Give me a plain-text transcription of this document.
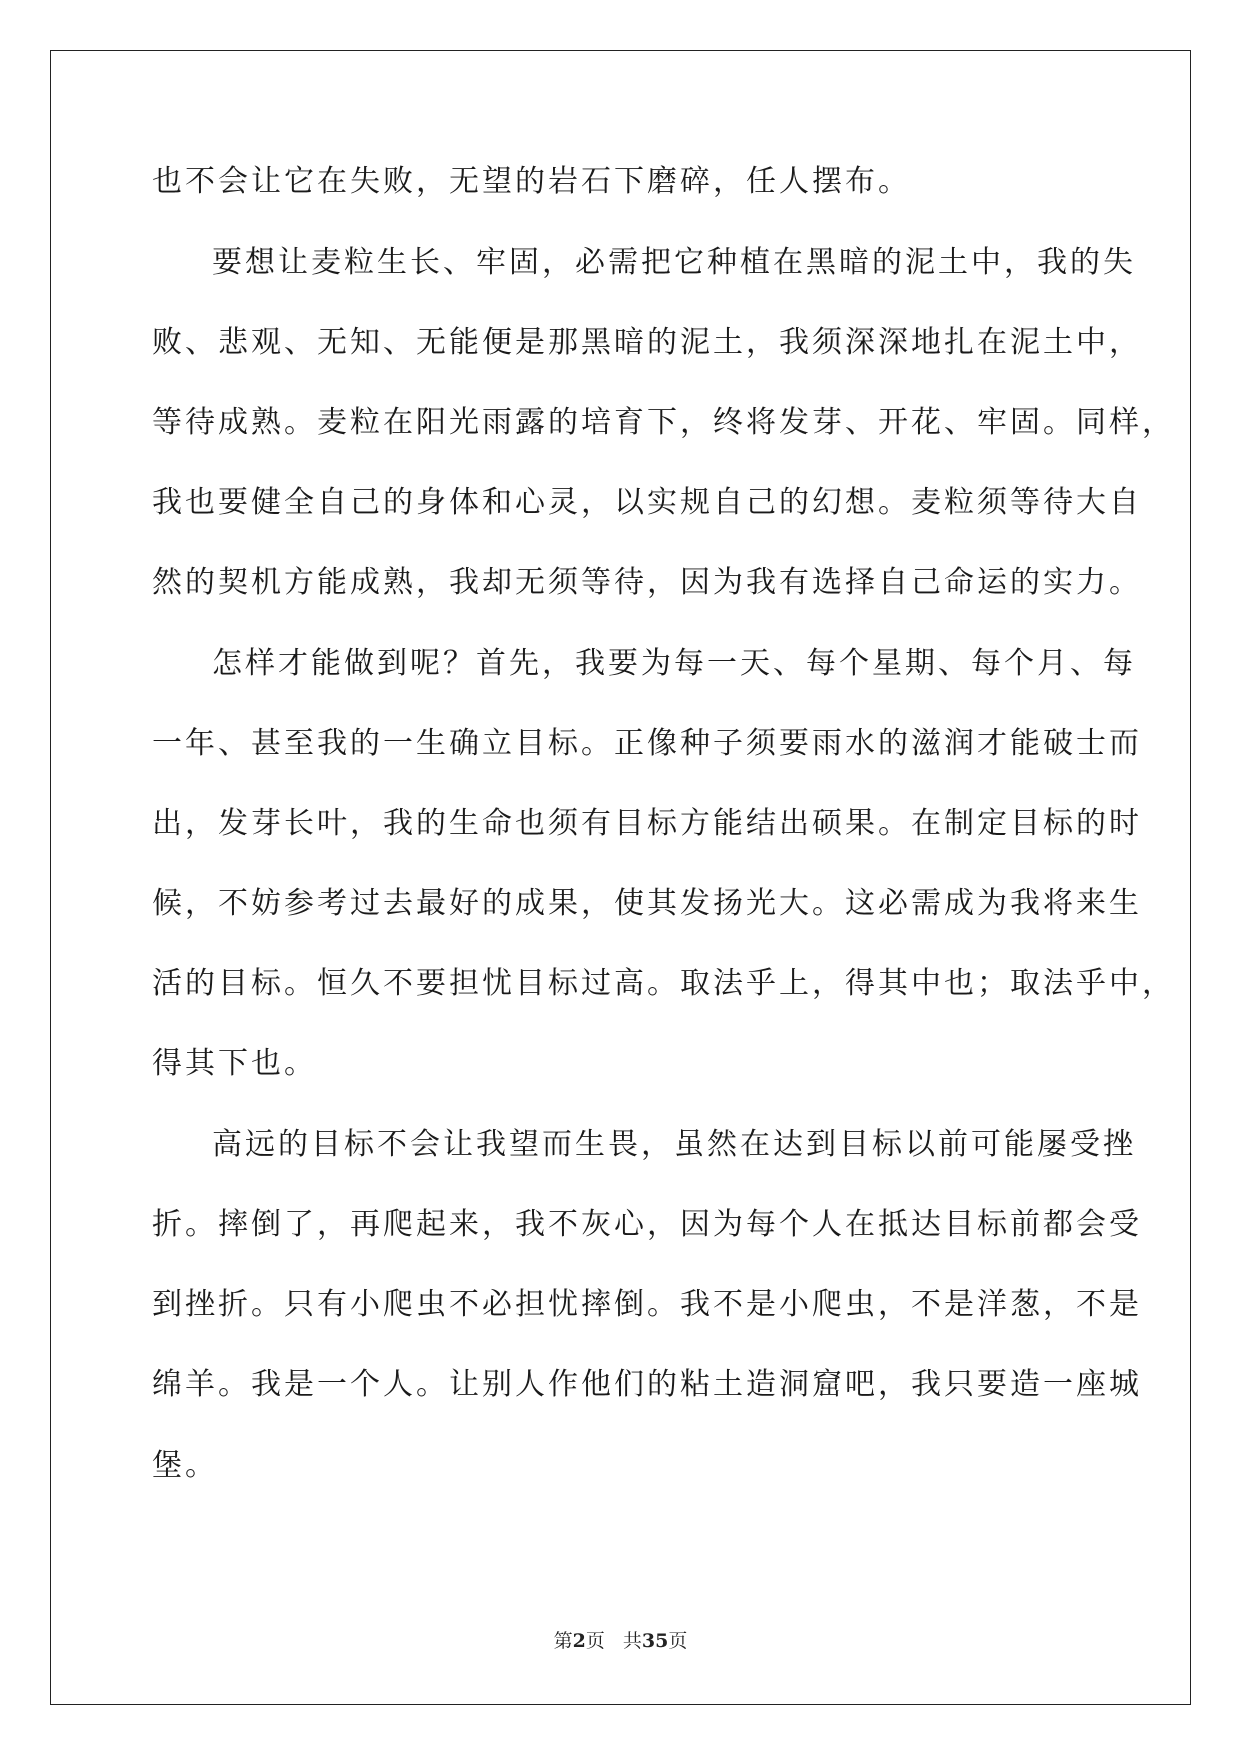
也不会让它在失败，无望的岩石下磨碎，任人摆布。
要想让麦粒生长、牢固，必需把它种植在黑暗的泥土中，我的失
败、悲观、无知、无能便是那黑暗的泥土，我须深深地扎在泥土中，
等待成熟。麦粒在阳光雨露的培育下，终将发芽、开花、牢固。同样，
我也要健全自己的身体和心灵，以实规自己的幻想。麦粒须等待大自
然的契机方能成熟，我却无须等待，因为我有选择自己命运的实力。
怎样才能做到呢？首先，我要为每一天、每个星期、每个月、每
一年、甚至我的一生确立目标。正像种子须要雨水的滋润才能破士而
出，发芽长叶，我的生命也须有目标方能结出硕果。在制定目标的时
候，不妨参考过去最好的成果，使其发扬光大。这必需成为我将来生
活的目标。恒久不要担忧目标过高。取法乎上，得其中也；取法乎中，
得其下也。
高远的目标不会让我望而生畏，虽然在达到目标以前可能屡受挫
折。摔倒了，再爬起来，我不灰心，因为每个人在抵达目标前都会受
到挫折。只有小爬虫不必担忧摔倒。我不是小爬虫，不是洋葱，不是
绵羊。我是一个人。让别人作他们的粘土造洞窟吧，我只要造一座城
堡。
第2页 共35页
